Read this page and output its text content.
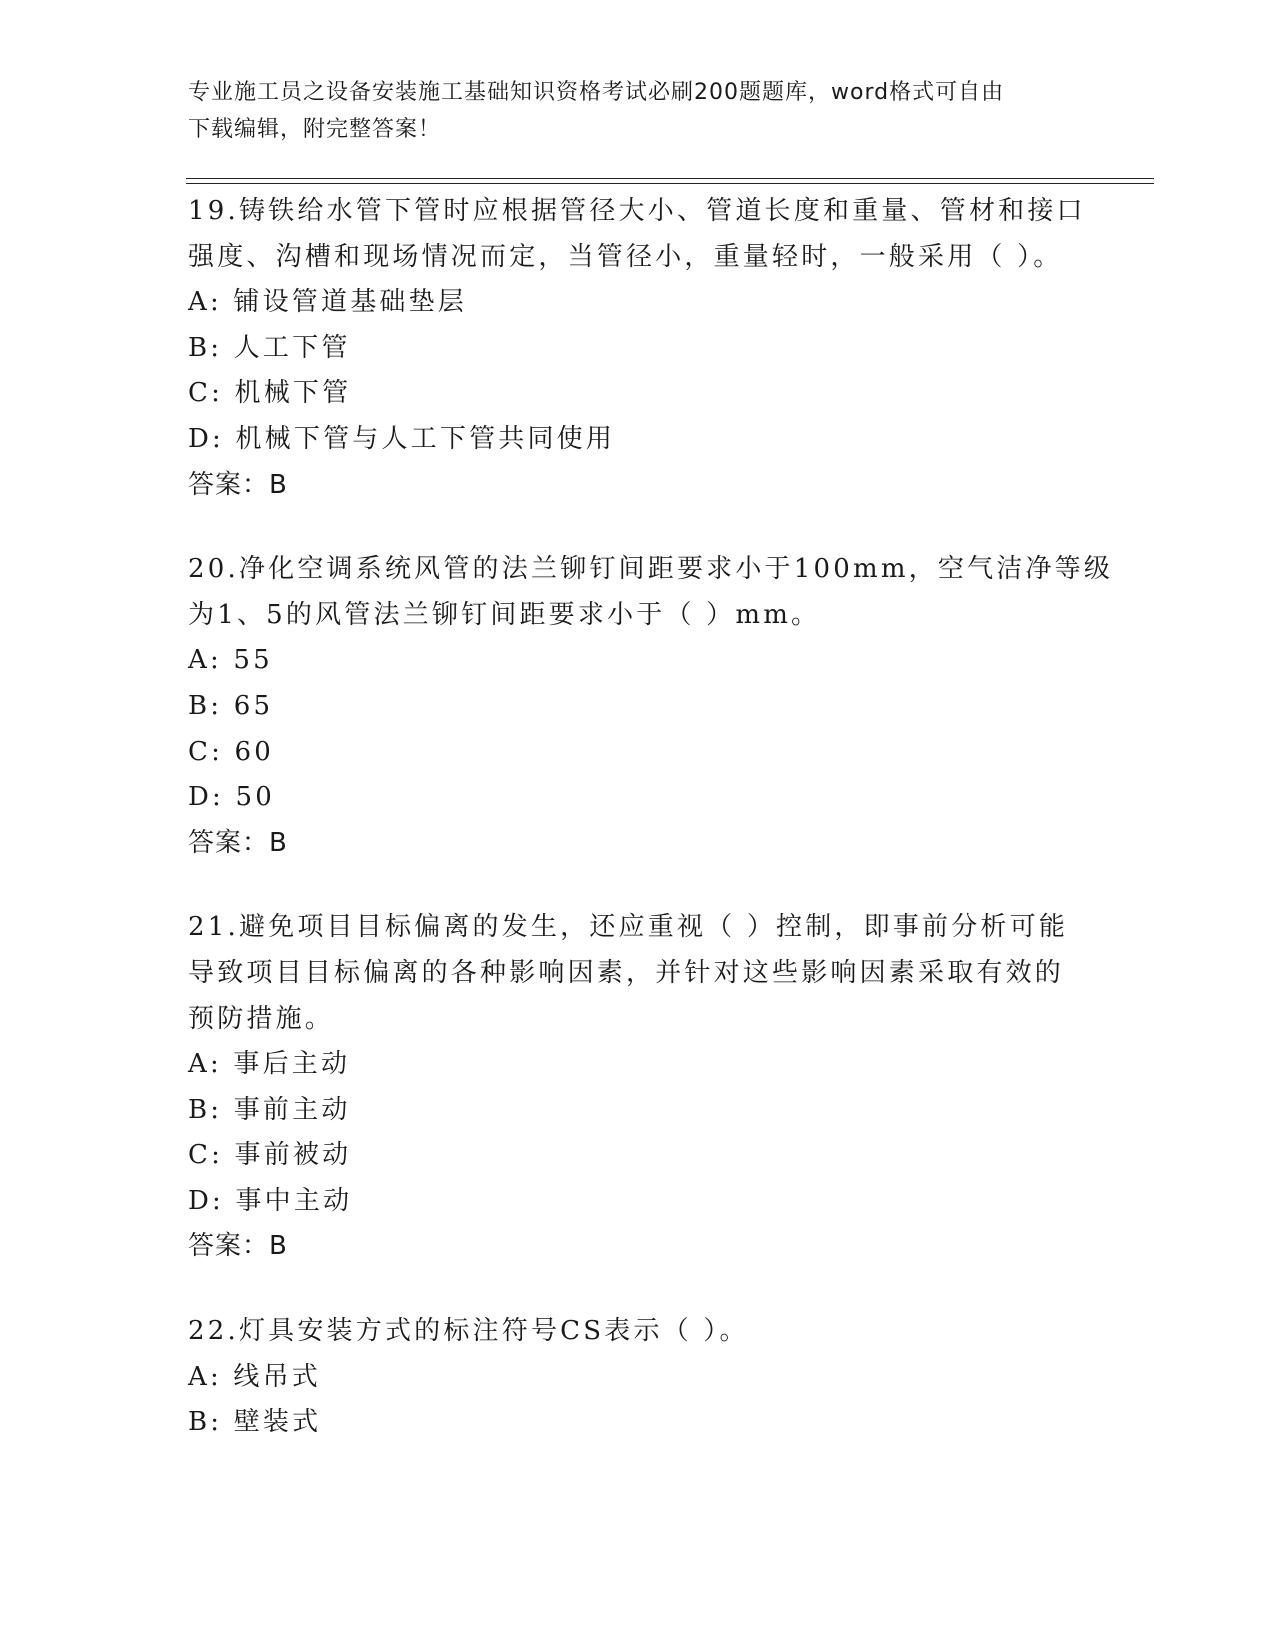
专业施工员之设备安装施工基础知识资格考试必刷200题题库，word格式可自由
下载编辑，附完整答案！
19.铸铁给水管下管时应根据管径大小、管道长度和重量、管材和接口
强度、沟槽和现场情况而定，当管径小，重量轻时，一般采用（ ）。
A: 铺设管道基础垫层
B: 人工下管
C: 机械下管
D: 机械下管与人工下管共同使用
答案：B
20.净化空调系统风管的法兰铆钉间距要求小于100mm，空气洁净等级
为1、5的风管法兰铆钉间距要求小于（ ）mm。
A: 55
B: 65
C: 60
D: 50
答案：B
21.避免项目目标偏离的发生，还应重视（ ）控制，即事前分析可能
导致项目目标偏离的各种影响因素，并针对这些影响因素采取有效的
预防措施。
A: 事后主动
B: 事前主动
C: 事前被动
D: 事中主动
答案：B
22.灯具安装方式的标注符号CS表示（ ）。
A: 线吊式
B: 壁装式
